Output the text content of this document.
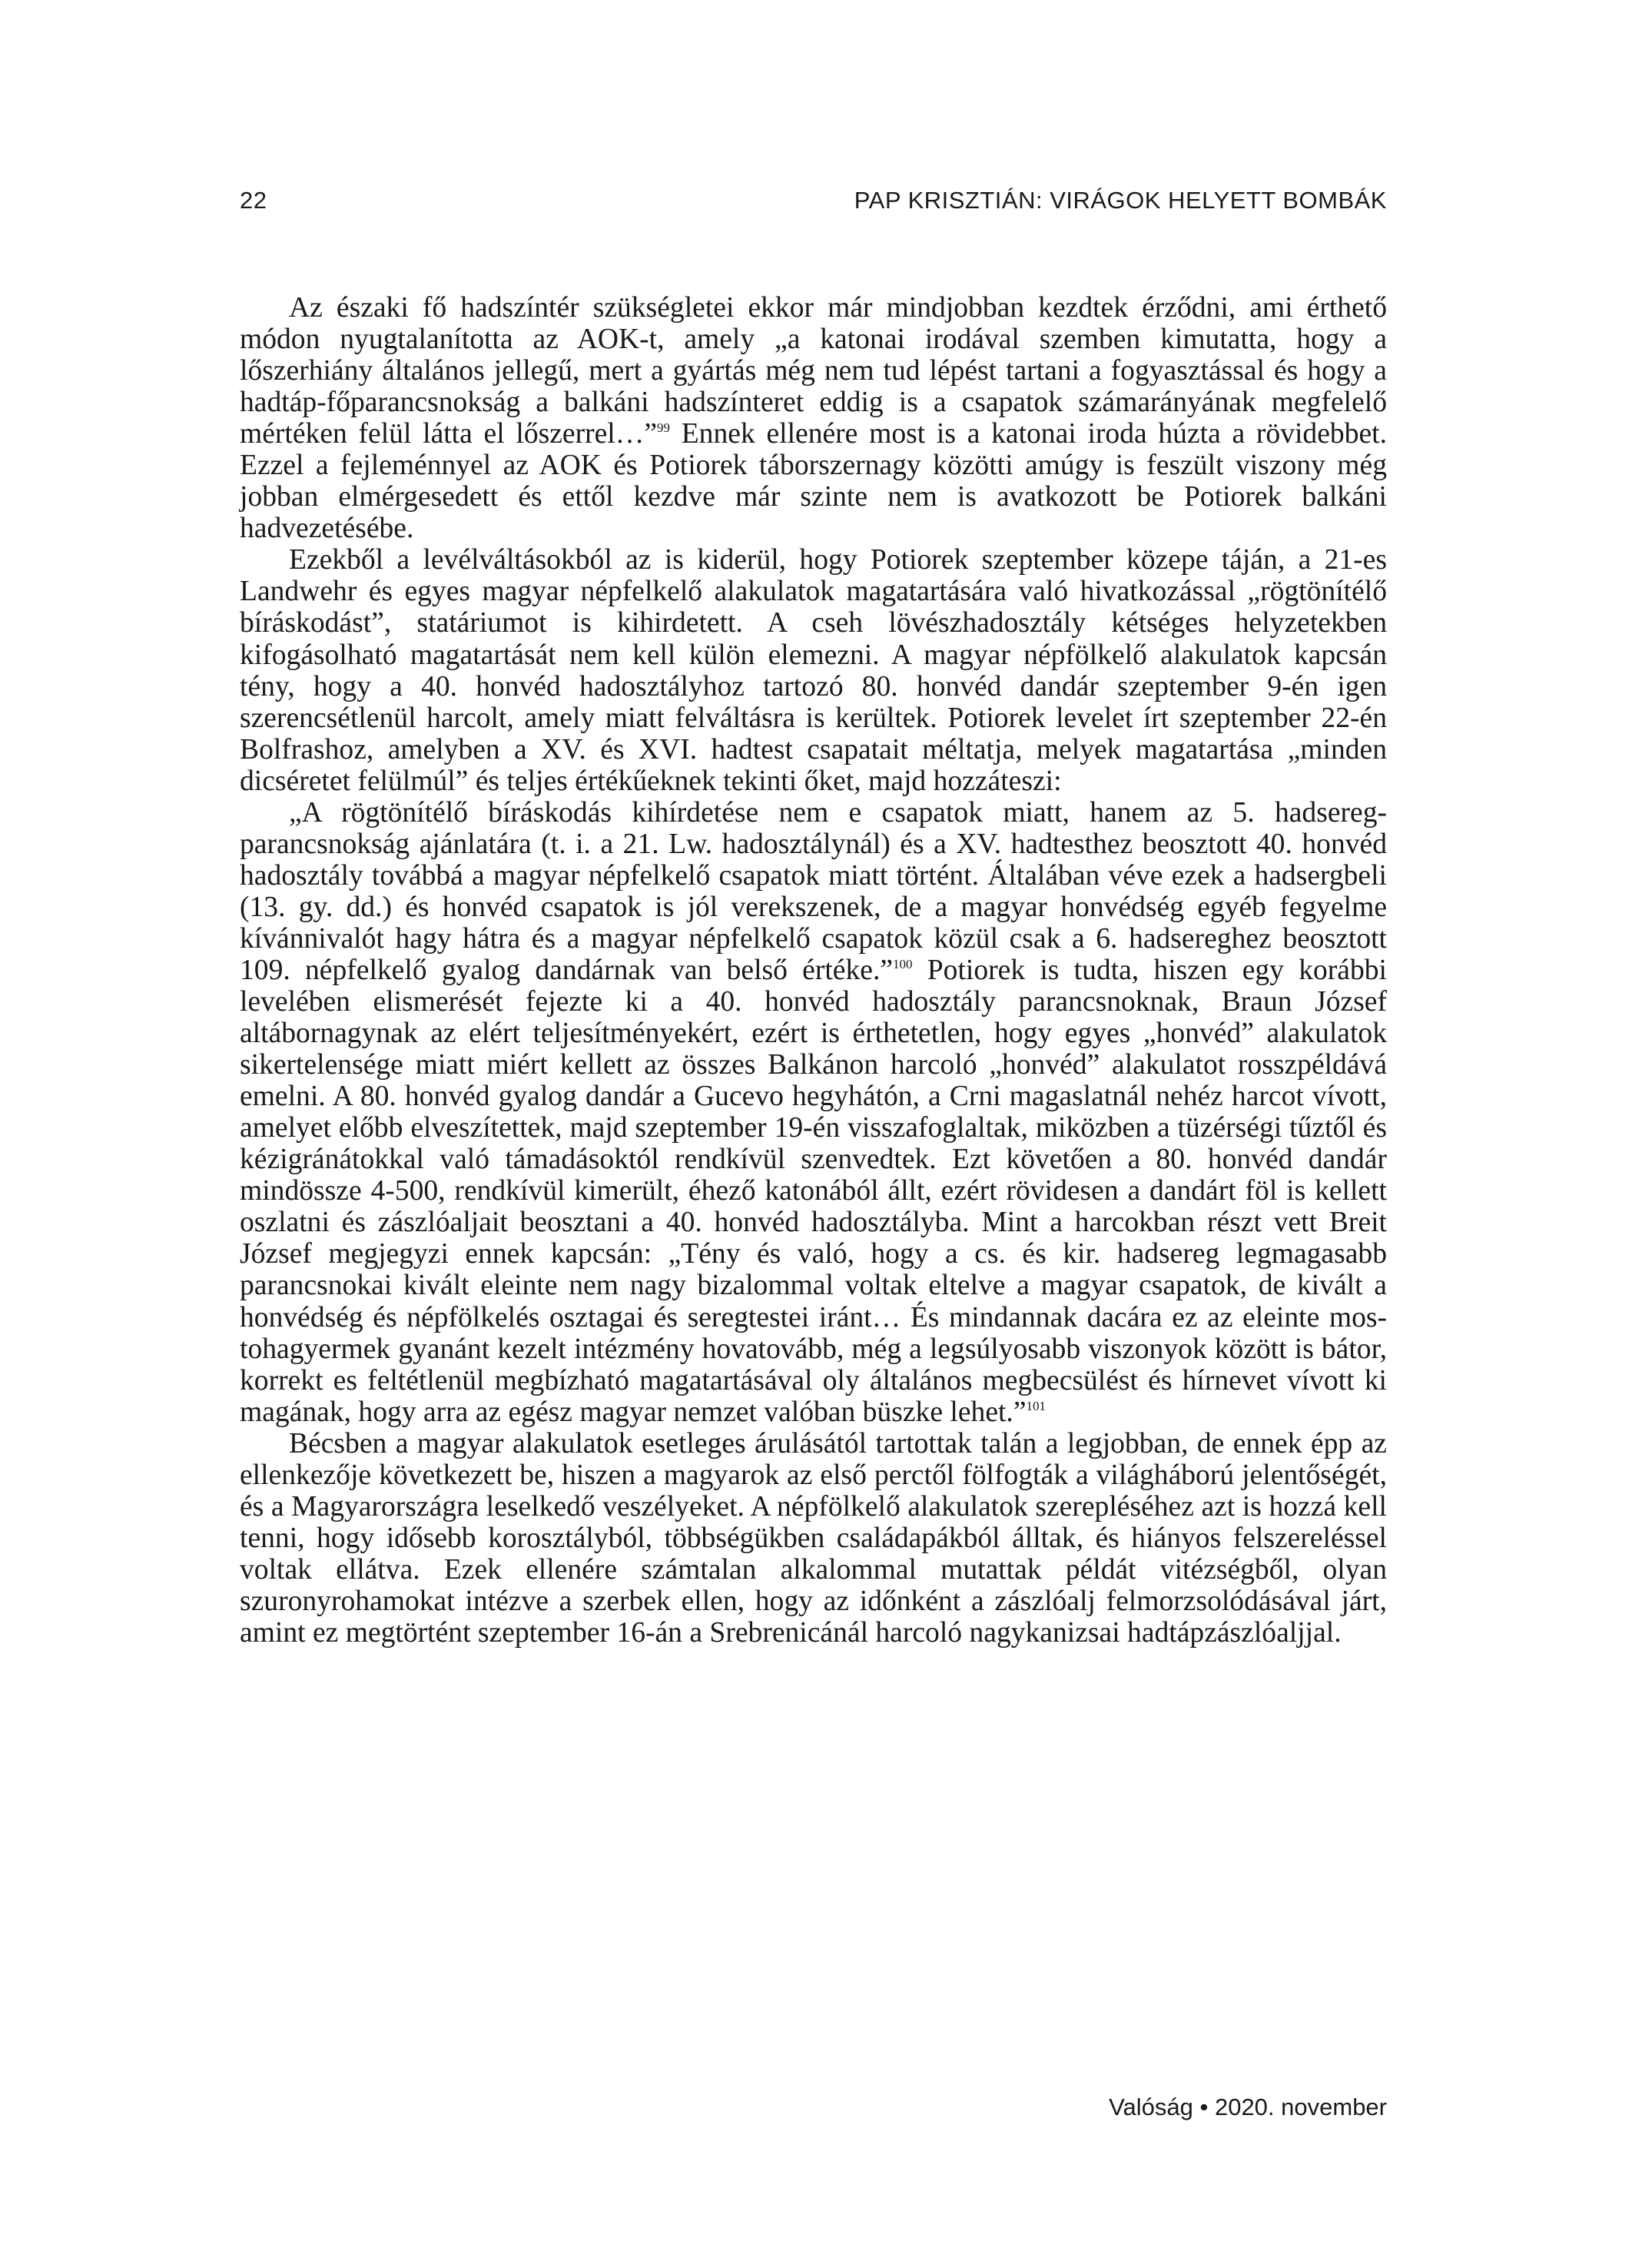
22	PAP KRISZTIÁN: VIRÁGOK HELYETT BOMBÁK

Az északi fő hadszíntér szükségletei ekkor már mindjobban kezdtek érződni, ami érthető módon nyugtalanította az AOK-t, amely „a katonai irodával szemben kimutatta, hogy a lőszerhiány általános jellegű, mert a gyártás még nem tud lépést tartani a fogyasztással és hogy a hadtáp-főparancsnokság a balkáni hadszínteret eddig is a csapatok számarányának megfelelő mértéken felül látta el lőszerrel…”$^{99}$ Ennek ellenére most is a katonai iroda húzta a rövidebbet. Ezzel a fejleménnyel az AOK és Potiorek táborszernagy közötti amúgy is feszült viszony még jobban elmérgesedett és ettől kezdve már szinte nem is avatkozott be Potiorek balkáni hadvezetésébe.

Ezekből a levélváltásokból az is kiderül, hogy Potiorek szeptember közepe táján, a 21-es Landwehr és egyes magyar népfelkelő alakulatok magatartására való hivatkozással „rögtönítélő bíráskodást”, statáriumot is kihirdetett. A cseh lövészhadosztály kétséges helyzetekben kifogásolható magatartását nem kell külön elemezni. A magyar népfölkelő alakulatok kapcsán tény, hogy a 40. honvéd hadosztályhoz tartozó 80. honvéd dandár szeptember 9-én igen szerencsétlenül harcolt, amely miatt felváltásra is kerültek. Potiorek levelet írt szeptember 22-én Bolfrashoz, amelyben a XV. és XVI. hadtest csapatait méltatja, melyek magatartása „minden dicséretet felülmúl” és teljes értékűeknek tekinti őket, majd hozzáteszi:

„A rögtönítélő bíráskodás kihírdetése nem e csapatok miatt, hanem az 5. hadseregparancsnokság ajánlatára (t. i. a 21. Lw. hadosztálynál) és a XV. hadtesthez beosztott 40. honvéd hadosztály továbbá a magyar népfelkelő csapatok miatt történt. Általában véve ezek a hadsergbeli (13. gy. dd.) és honvéd csapatok is jól verekszenek, de a magyar honvédség egyéb fegyelme kívánnivalót hagy hátra és a magyar népfelkelő csapatok közül csak a 6. hadsereghez beosztott 109. népfelkelő gyalog dandárnak van belső értéke.”$^{100}$ Potiorek is tudta, hiszen egy korábbi levelében elismerését fejezte ki a 40. honvéd hadosztály parancsnoknak, Braun József altábornagynak az elért teljesítményekért, ezért is érthetetlen, hogy egyes „honvéd” alakulatok sikertelensége miatt miért kellett az összes Balkánon harcoló „honvéd” alakulatot rosszpéldává emelni. A 80. honvéd gyalog dandár a Gucevo hegyhátón, a Crni magaslatnál nehéz harcot vívott, amelyet előbb elveszítettek, majd szeptember 19-én visszafoglaltak, miközben a tüzérségi tűztől és kézigránátokkal való támadásoktól rendkívül szenvedtek. Ezt követően a 80. honvéd dandár mindössze 4-500, rendkívül kimerült, éhező katonából állt, ezért rövidesen a dandárt föl is kellett oszlatni és zászlóaljait beosztani a 40. honvéd hadosztályba. Mint a harcokban részt vett Breit József megjegyzi ennek kapcsán: „Tény és való, hogy a cs. és kir. hadsereg legmagasabb parancsnokai kivált eleinte nem nagy bizalommal voltak eltelve a magyar csapatok, de kivált a honvédség és népfölkelés osztagai és seregtestei iránt… És mindannak dacára ez az eleinte mostohagyermek gyanánt kezelt intézmény hovatovább, még a legsúlyosabb viszonyok között is bátor, korrekt es feltétlenül megbízható magatartásával oly általános megbecsülést és hírnevet vívott ki magának, hogy arra az egész magyar nemzet valóban büszke lehet.”$^{101}$

Bécsben a magyar alakulatok esetleges árulásától tartottak talán a legjobban, de ennek épp az ellenkezője következett be, hiszen a magyarok az első perctől fölfogták a világháború jelentőségét, és a Magyarországra leselkedő veszélyeket. A népfölkelő alakulatok szerepléséhez azt is hozzá kell tenni, hogy idősebb korosztályból, többségükben családapákból álltak, és hiányos felszereléssel voltak ellátva. Ezek ellenére számtalan alkalommal mutattak példát vitézségből, olyan szuronyrohamokat intézve a szerbek ellen, hogy az időnként a zászlóalj felmorzsolódásával járt, amint ez megtörtént szeptember 16-án a Srebrenicánál harcoló nagykanizsai hadtápzászlóaljjal.

Valóság • 2020. november
